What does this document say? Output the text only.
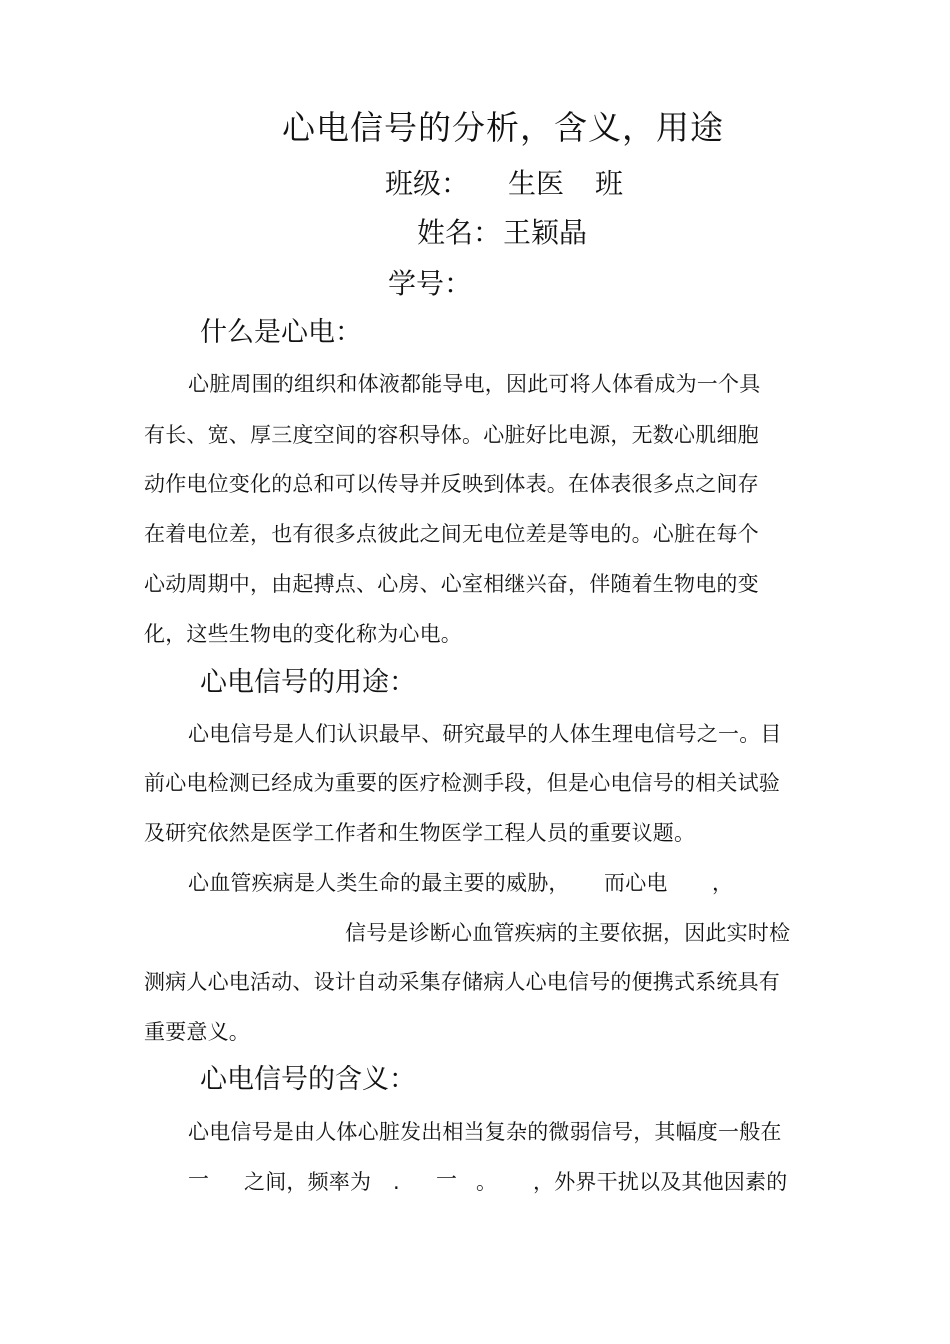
心电信号的分析，含义，用途
班级： 生医 班
姓名： 王颖晶
学号：
什么是心电：
心脏周围的组织和体液都能导电，因此可将人体看成为一个具
有长、宽、厚三度空间的容积导体。心脏好比电源，无数心肌细胞
动作电位变化的总和可以传导并反映到体表。在体表很多点之间存
在着电位差，也有很多点彼此之间无电位差是等电的。心脏在每个
心动周期中，由起搏点、心房、心室相继兴奋，伴随着生物电的变
化，这些生物电的变化称为心电。
心电信号的用途：
心电信号是人们认识最早、研究最早的人体生理电信号之一。目
前心电检测已经成为重要的医疗检测手段，但是心电信号的相关试验
及研究依然是医学工作者和生物医学工程人员的重要议题。
心血管疾病是人类生命的最主要的威胁， 而心电 ，
信号是诊断心血管疾病的主要依据，因此实时检
测病人心电活动、设计自动采集存储病人心电信号的便携式系统具有
重要意义。
心电信号的含义：
心电信号是由人体心脏发出相当复杂的微弱信号，其幅度一般在
一 之间，频率为 . 一 。 ，外界干扰以及其他因素的
